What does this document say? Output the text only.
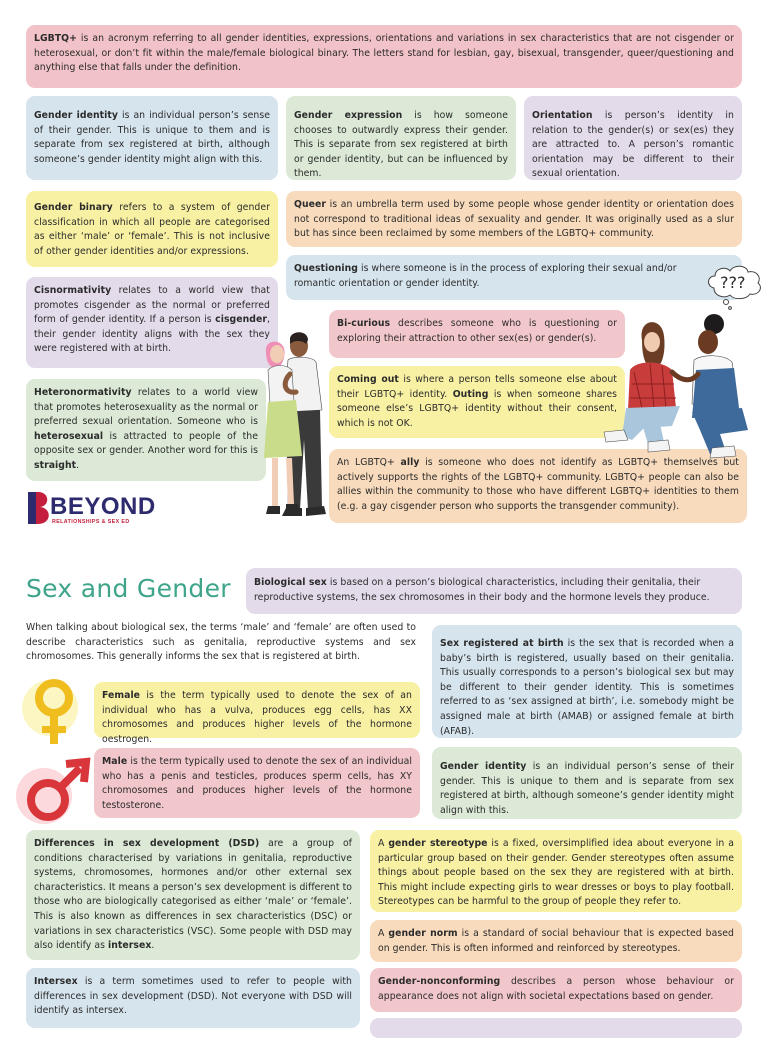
LGBTQ+ is an acronym referring to all gender identities, expressions, orientations and variations in sex characteristics that are not cisgender or heterosexual, or don’t fit within the male/female biological binary. The letters stand for lesbian, gay, bisexual, transgender, queer/questioning and anything else that falls under the definition.
Gender identity is an individual person’s sense of their gender. This is unique to them and is separate from sex registered at birth, although someone’s gender identity might align with this.
Gender expression is how someone chooses to outwardly express their gender. This is separate from sex registered at birth or gender identity, but can be influenced by them.
Orientation is person’s identity in relation to the gender(s) or sex(es) they are attracted to. A person’s romantic orientation may be different to their sexual orientation.
Gender binary refers to a system of gender classification in which all people are categorised as either ‘male’ or ‘female’. This is not inclusive of other gender identities and/or expressions.
Queer is an umbrella term used by some people whose gender identity or orientation does not correspond to traditional ideas of sexuality and gender. It was originally used as a slur but has since been reclaimed by some members of the LGBTQ+ community.
Questioning is where someone is in the process of exploring their sexual and/or romantic orientation or gender identity.	???
Cisnormativity relates to a world view that promotes cisgender as the normal or preferred form of gender identity. If a person is cisgender, their gender identity aligns with the sex they were registered with at birth.
Bi-curious describes someone who is questioning or exploring their attraction to other sex(es) or gender(s).
Coming out is where a person tells someone else about their LGBTQ+ identity. Outing is when someone shares someone else’s LGBTQ+ identity without their consent, which is not OK.
Heteronormativity relates to a world view that promotes heterosexuality as the normal or preferred sexual orientation. Someone who is heterosexual is attracted to people of the opposite sex or gender. Another word for this is straight.	An LGBTQ+ ally is someone who does not identify as LGBTQ+ themselves but actively supports the rights of the LGBTQ+ community. LGBTQ+ people can also be allies within the community to those who have different LGBTQ+ identities to them (e.g. a gay cisgender person who supports the transgender community).
BEYOND
RELATIONSHIPS & SEX ED
Sex and Gender	Biological sex is based on a person’s biological characteristics, including their genitalia, their reproductive systems, the sex chromosomes in their body and the hormone levels they produce.
When talking about biological sex, the terms ‘male’ and ‘female’ are often used to describe characteristics such as genitalia, reproductive systems and sex chromosomes. This generally informs the sex that is registered at birth.
Sex registered at birth is the sex that is recorded when a baby’s birth is registered, usually based on their genitalia. This usually corresponds to a person’s biological sex but may be different to their gender identity. This is sometimes referred to as ‘sex assigned at birth’, i.e. somebody might be assigned male at birth (AMAB) or assigned female at birth (AFAB).
Female is the term typically used to denote the sex of an individual who has a vulva, produces egg cells, has XX chromosomes and produces higher levels of the hormone oestrogen.
Male is the term typically used to denote the sex of an individual who has a penis and testicles, produces sperm cells, has XY chromosomes and produces higher levels of the hormone testosterone.
Gender identity is an individual person’s sense of their gender. This is unique to them and is separate from sex registered at birth, although someone’s gender identity might align with this.
Differences in sex development (DSD) are a group of conditions characterised by variations in genitalia, reproductive systems, chromosomes, hormones and/or other external sex characteristics. It means a person’s sex development is different to those who are biologically categorised as either ‘male’ or ‘female’. This is also known as differences in sex characteristics (DSC) or variations in sex characteristics (VSC). Some people with DSD may also identify as intersex.
A gender stereotype is a fixed, oversimplified idea about everyone in a particular group based on their gender. Gender stereotypes often assume things about people based on the sex they are registered with at birth. This might include expecting girls to wear dresses or boys to play football. Stereotypes can be harmful to the group of people they refer to.
A gender norm is a standard of social behaviour that is expected based on gender. This is often informed and reinforced by stereotypes.
Intersex is a term sometimes used to refer to people with differences in sex development (DSD). Not everyone with DSD will identify as intersex.
Gender-nonconforming describes a person whose behaviour or appearance does not align with societal expectations based on gender.
